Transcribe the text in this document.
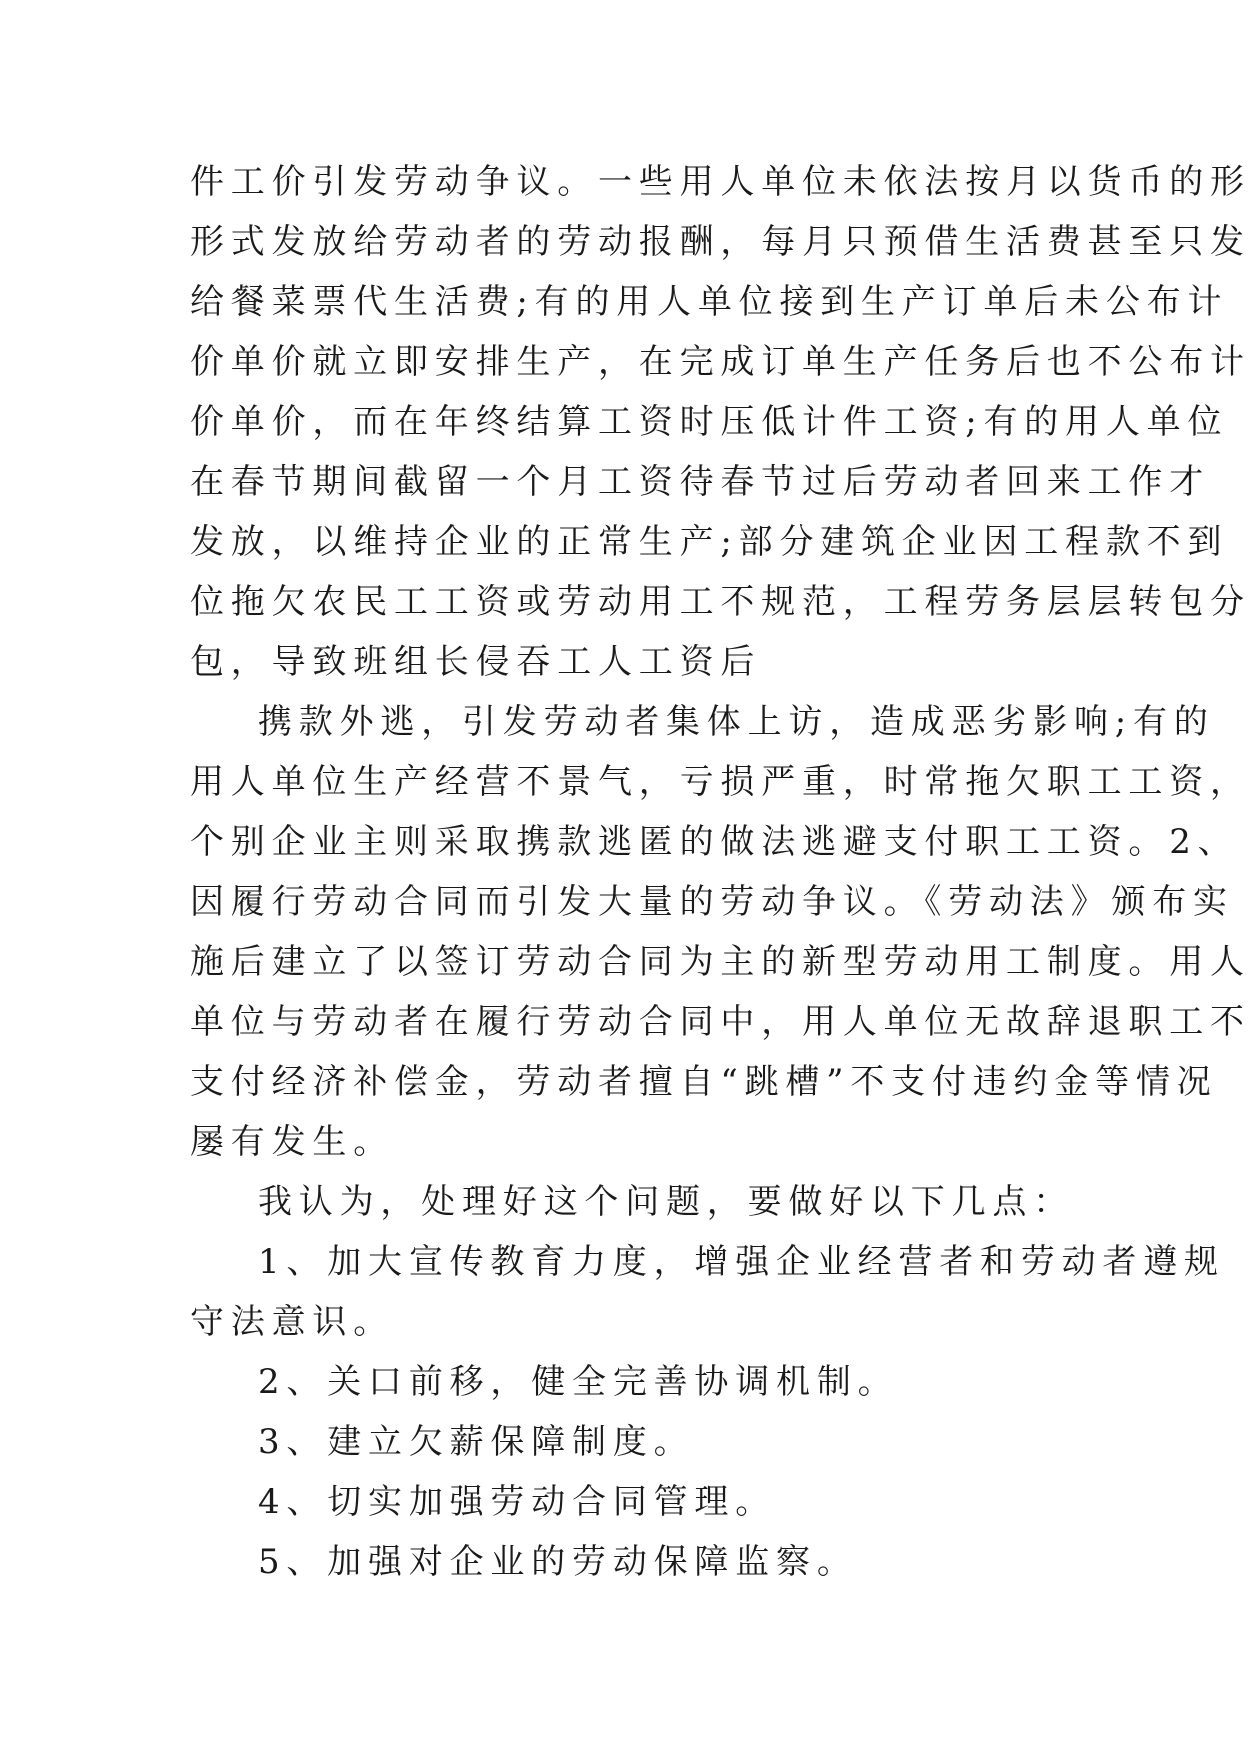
件工价引发劳动争议。一些用人单位未依法按月以货币的形
形式发放给劳动者的劳动报酬，每月只预借生活费甚至只发
给餐菜票代生活费;有的用人单位接到生产订单后未公布计
价单价就立即安排生产，在完成订单生产任务后也不公布计
价单价，而在年终结算工资时压低计件工资;有的用人单位
在春节期间截留一个月工资待春节过后劳动者回来工作才
发放，以维持企业的正常生产;部分建筑企业因工程款不到
位拖欠农民工工资或劳动用工不规范，工程劳务层层转包分
包，导致班组长侵吞工人工资后
携款外逃，引发劳动者集体上访，造成恶劣影响;有的
用人单位生产经营不景气，亏损严重，时常拖欠职工工资，
个别企业主则采取携款逃匿的做法逃避支付职工工资。2、
因履行劳动合同而引发大量的劳动争议。《劳动法》颁布实
施后建立了以签订劳动合同为主的新型劳动用工制度。用人
单位与劳动者在履行劳动合同中，用人单位无故辞退职工不
支付经济补偿金，劳动者擅自“跳槽”不支付违约金等情况
屡有发生。
我认为，处理好这个问题，要做好以下几点：
1、加大宣传教育力度，增强企业经营者和劳动者遵规
守法意识。
2、关口前移，健全完善协调机制。
3、建立欠薪保障制度。
4、切实加强劳动合同管理。
5、加强对企业的劳动保障监察。
